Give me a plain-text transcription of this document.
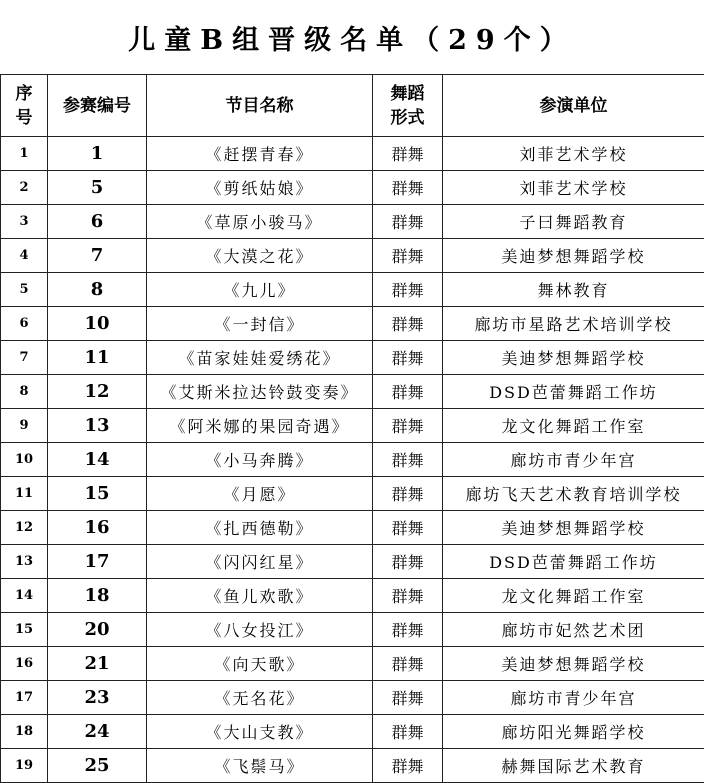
儿童B组晋级名单（29个）
序号	参赛编号	节目名称	舞蹈形式	参演单位
1	1	《赶摆青春》	群舞	刘菲艺术学校
2	5	《剪纸姑娘》	群舞	刘菲艺术学校
3	6	《草原小骏马》	群舞	子曰舞蹈教育
4	7	《大漠之花》	群舞	美迪梦想舞蹈学校
5	8	《九儿》	群舞	舞林教育
6	10	《一封信》	群舞	廊坊市星路艺术培训学校
7	11	《苗家娃娃爱绣花》	群舞	美迪梦想舞蹈学校
8	12	《艾斯米拉达铃鼓变奏》	群舞	DSD芭蕾舞蹈工作坊
9	13	《阿米娜的果园奇遇》	群舞	龙文化舞蹈工作室
10	14	《小马奔腾》	群舞	廊坊市青少年宫
11	15	《月愿》	群舞	廊坊飞天艺术教育培训学校
12	16	《扎西德勒》	群舞	美迪梦想舞蹈学校
13	17	《闪闪红星》	群舞	DSD芭蕾舞蹈工作坊
14	18	《鱼儿欢歌》	群舞	龙文化舞蹈工作室
15	20	《八女投江》	群舞	廊坊市妃然艺术团
16	21	《向天歌》	群舞	美迪梦想舞蹈学校
17	23	《无名花》	群舞	廊坊市青少年宫
18	24	《大山支教》	群舞	廊坊阳光舞蹈学校
19	25	《飞鬃马》	群舞	赫舞国际艺术教育
